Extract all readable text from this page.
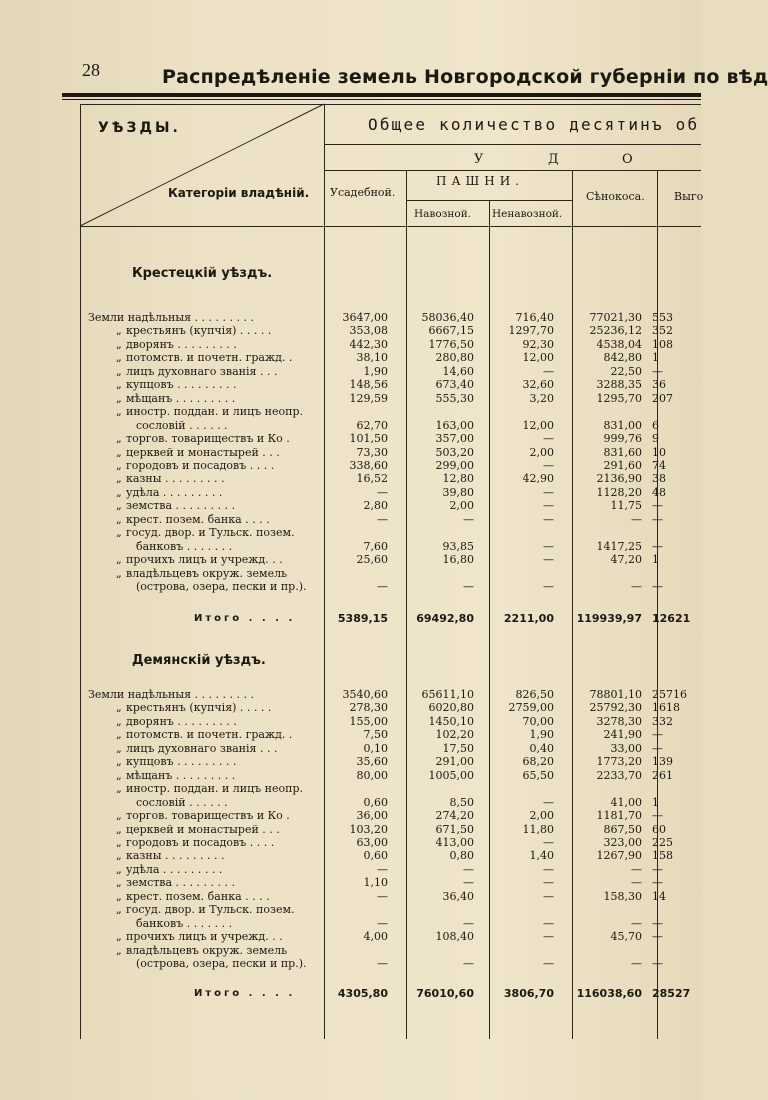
28	Распредѣленіе земель Новгородской губерніи по вѣд
УѢЗДЫ.
Категоріи владѣній.
Общее количество десятинъ об
У	Д	О
Усадебной.
ПАШНИ.
Навозной. Ненавозной.
Сѣнокоса.	Выго
Крестецкій уѣздъ.
Земли надѣльныя . . . . . . . . .	3647,00	58036,40	716,40	77021,30 553
„ крестьянъ (купчія) . . . . .	353,08	6667,15	1297,70	25236,12 352
„ дворянъ . . . . . . . . .	442,30	1776,50	92,30	4538,04 108
„ потомств. и почетн. гражд. .	38,10	280,80	12,00	842,80 1
„ лицъ духовнаго званія . . .	1,90	14,60	—	22,50 —
„ купцовъ . . . . . . . . .	148,56	673,40	32,60	3288,35 36
„ мѣщанъ . . . . . . . . .	129,59	555,30	3,20	1295,70 207
„ иностр. поддан. и лицъ неопр.
сословій . . . . . .	62,70	163,00	12,00	831,00 6
„ торгов. товариществъ и Ко .	101,50	357,00	—	999,76 9
„ церквей и монастырей . . .	73,30	503,20	2,00	831,60 10
„ городовъ и посадовъ . . . .	338,60	299,00	—	291,60 74
„ казны . . . . . . . . .	16,52	12,80	42,90	2136,90 38
„ удѣла . . . . . . . . .	—	39,80	—	1128,20 48
„ земства . . . . . . . . .	2,80	2,00	—	11,75 —
„ крест. позем. банка . . . .	—	—	—	— —
„ госуд. двор. и Тульск. позем.
банковъ . . . . . . .	7,60	93,85	—	1417,25 —
„ прочихъ лицъ и учрежд. . .	25,60	16,80	—	47,20 1
„ владѣльцевъ окруж. земель
(острова, озера, пески и пр.).	—	—	—	— —
Итого . . . .	5389,15	69492,80	2211,00	119939,97 12621
Демянскій уѣздъ.
Земли надѣльныя . . . . . . . . .	3540,60	65611,10	826,50	78801,10 25716
„ крестьянъ (купчія) . . . . .	278,30	6020,80	2759,00	25792,30 1618
„ дворянъ . . . . . . . . .	155,00	1450,10	70,00	3278,30 332
„ потомств. и почетн. гражд. .	7,50	102,20	1,90	241,90 —
„ лицъ духовнаго званія . . .	0,10	17,50	0,40	33,00 —
„ купцовъ . . . . . . . . .	35,60	291,00	68,20	1773,20 139
„ мѣщанъ . . . . . . . . .	80,00	1005,00	65,50	2233,70 261
„ иностр. поддан. и лицъ неопр.
сословій . . . . . .	0,60	8,50	—	41,00 1
„ торгов. товариществъ и Ко .	36,00	274,20	2,00	1181,70 —
„ церквей и монастырей . . .	103,20	671,50	11,80	867,50 60
„ городовъ и посадовъ . . . .	63,00	413,00	—	323,00 225
„ казны . . . . . . . . .	0,60	0,80	1,40	1267,90 158
„ удѣла . . . . . . . . .	—	—	—	— —
„ земства . . . . . . . . .	1,10	—	—	— —
„ крест. позем. банка . . . .	—	36,40	—	158,30 14
„ госуд. двор. и Тульск. позем.
банковъ . . . . . . .	—	—	—	— —
„ прочихъ лицъ и учрежд. . .	4,00	108,40	—	45,70 —
„ владѣльцевъ окруж. земель
(острова, озера, пески и пр.).	—	—	—	— —
Итого . . . .	4305,80	76010,60	3806,70	116038,60 28527
